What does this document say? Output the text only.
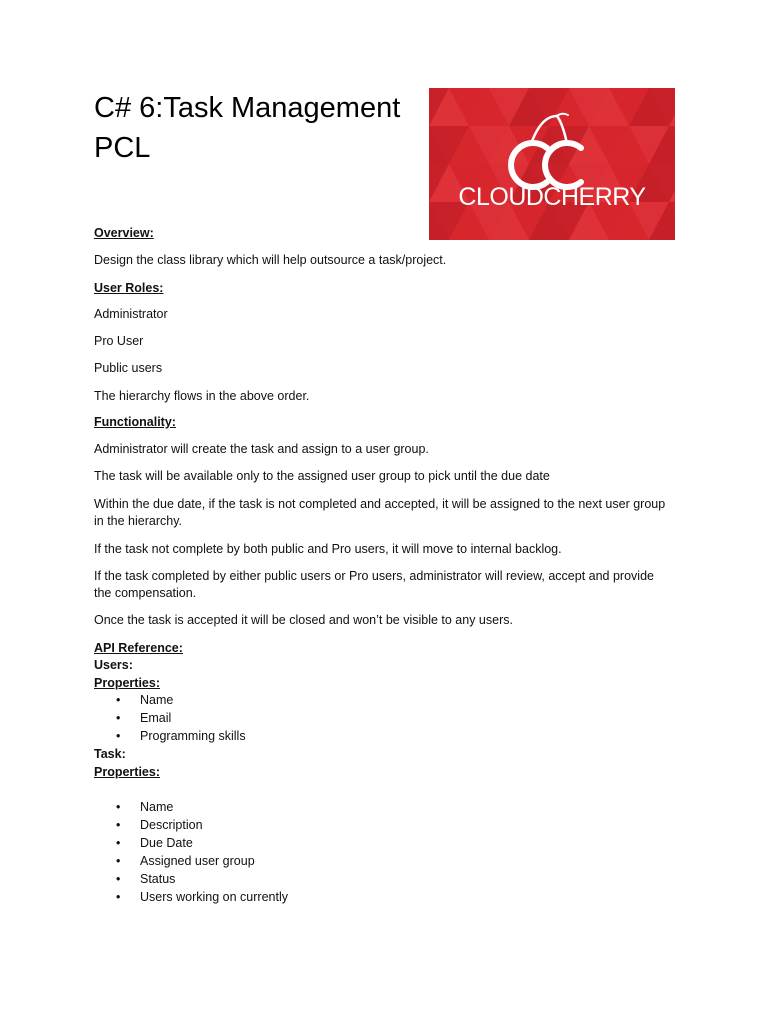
C# 6:Task Management
PCL
CLOUDCHERRY
Overview:
Design the class library which will help outsource a task/project.
User Roles:
Administrator
Pro User
Public users
The hierarchy flows in the above order.
Functionality:
Administrator will create the task and assign to a user group.
The task will be available only to the assigned user group to pick until the due date
Within the due date, if the task is not completed and accepted, it will be assigned to the next user group in the hierarchy.
If the task not complete by both public and Pro users, it will move to internal backlog.
If the task completed by either public users or Pro users, administrator will review, accept and provide the compensation.
Once the task is accepted it will be closed and won’t be visible to any users.
API Reference:
Users:
Properties:
• Name
• Email
• Programming skills
Task:
Properties:
• Name
• Description
• Due Date
• Assigned user group
• Status
• Users working on currently
